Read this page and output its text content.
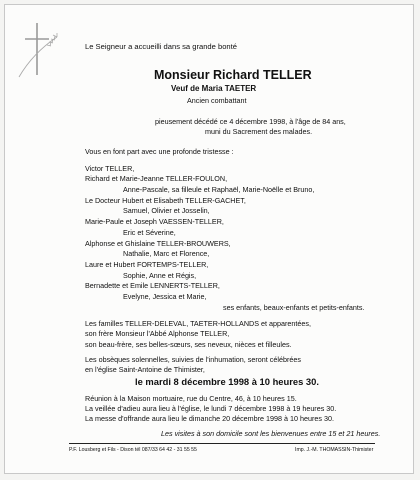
Le Seigneur a accueilli dans sa grande bonté
Monsieur Richard TELLER
Veuf de Maria TAETER
Ancien combattant
pieusement décédé ce 4 décembre 1998, à l'âge de 84 ans,
muni du Sacrement des malades.
Vous en font part avec une profonde tristesse :
Victor TELLER,
Richard et Marie-Jeanne TELLER-FOULON,
Anne-Pascale, sa filleule et Raphaël, Marie-Noëlle et Bruno,
Le Docteur Hubert et Elisabeth TELLER-GACHET,
Samuel, Olivier et Josselin,
Marie-Paule et Joseph VAESSEN-TELLER,
Eric et Séverine,
Alphonse et Ghislaine TELLER-BROUWERS,
Nathalie, Marc et Florence,
Laure et Hubert FORTEMPS-TELLER,
Sophie, Anne et Régis,
Bernadette et Emile LENNERTS-TELLER,
Evelyne, Jessica et Marie,
ses enfants, beaux-enfants et petits-enfants.
Les familles TELLER-DELEVAL, TAETER-HOLLANDS et apparentées,
son frère Monsieur l'Abbé Alphonse TELLER,
son beau-frère, ses belles-sœurs, ses neveux, nièces et filleules.
Les obsèques solennelles, suivies de l'inhumation, seront célébrées
en l'église Saint-Antoine de Thimister,
le mardi 8 décembre 1998 à 10 heures 30.
Réunion à la Maison mortuaire, rue du Centre, 46, à 10 heures 15.
La veillée d'adieu aura lieu à l'église, le lundi 7 décembre 1998 à 19 heures 30.
La messe d'offrande aura lieu le dimanche 20 décembre 1998 à 10 heures 30.
Les visites à son domicile sont les bienvenues entre 15 et 21 heures.
P.F. Lousberg et Fils - Dison tél 087/33 64 42 - 31 55 55	Imp. J.-M. THOMASSIN-Thimister
